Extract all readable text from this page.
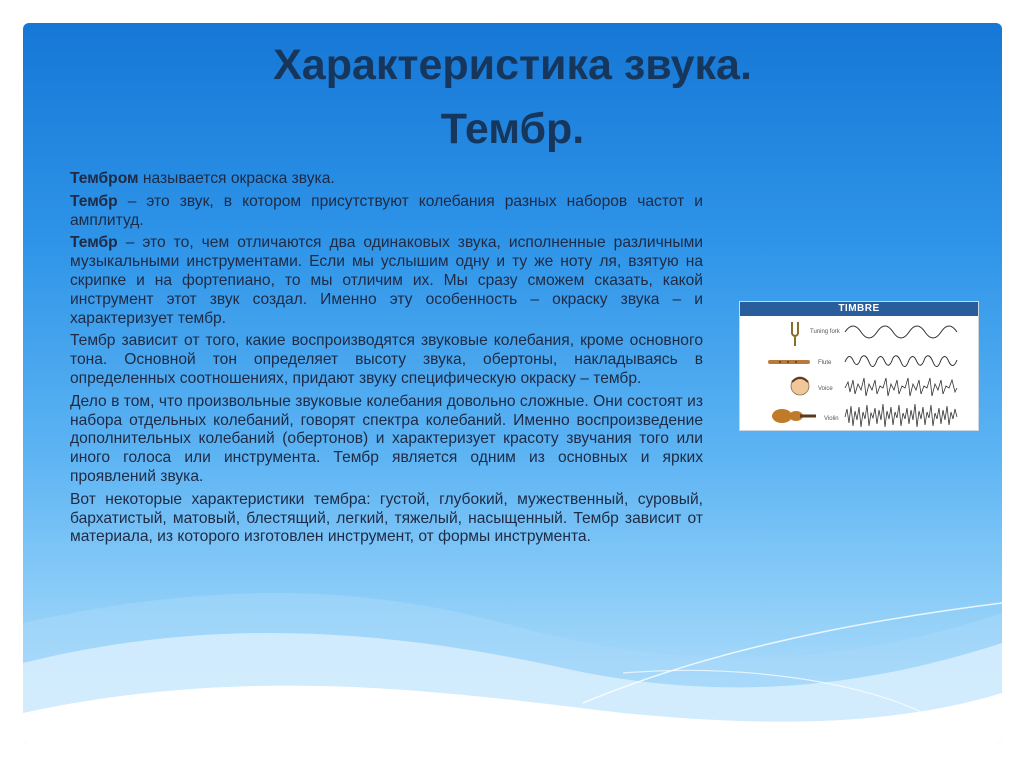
Характеристика звука.
Тембр.

Тембром называется окраска звука.

Тембр – это звук, в котором присутствуют колебания разных наборов частот и амплитуд.

Тембр – это то, чем отличаются два одинаковых звука, исполненные различными музыкальными инструментами. Если мы услышим одну и ту же ноту ля, взятую на скрипке и на фортепиано, то мы отличим их. Мы сразу сможем сказать, какой инструмент этот звук создал. Именно эту особенность – окраску звука – и характеризует тембр.

Тембр зависит от того, какие воспроизводятся звуковые колебания, кроме основного тона. Основной тон определяет высоту звука, обертоны, накладываясь в определенных соотношениях, придают звуку специфическую окраску – тембр.

Дело в том, что произвольные звуковые колебания довольно сложные. Они состоят из набора отдельных колебаний, говорят спектра колебаний. Именно воспроизведение дополнительных колебаний (обертонов) и характеризует красоту звучания того или иного голоса или инструмента. Тембр является одним из основных и ярких проявлений звука.

Вот некоторые характеристики тембра: густой, глубокий, мужественный, суровый, бархатистый, матовый, блестящий, легкий, тяжелый, насыщенный. Тембр зависит от материала, из которого изготовлен инструмент, от формы инструмента.

TIMBRE
Tuning fork
Flute
Voice
Violin
